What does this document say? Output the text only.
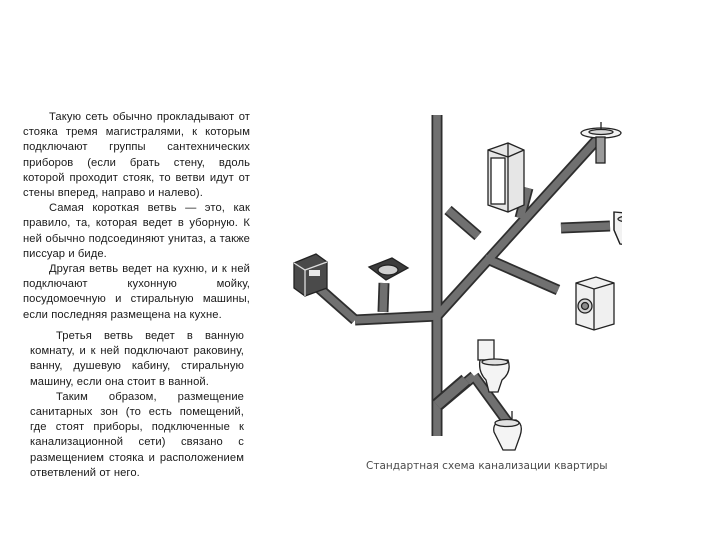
Такую сеть обычно прокладывают от стояка тремя магистралями, к которым подключают группы сантехнических приборов (если брать стену, вдоль которой проходит стояк, то ветви идут от стены вперед, направо и налево).

Самая короткая ветвь — это, как правило, та, которая ведет в уборную. К ней обычно подсоединяют унитаз, а также писсуар и биде.

Другая ветвь ведет на кухню, и к ней подключают кухонную мойку, посудомоечную и стиральную машины, если последняя размещена на кухне.

Третья ветвь ведет в ванную комнату, и к ней подключают раковину, ванну, душевую кабину, стиральную машину, если она стоит в ванной.

Таким образом, размещение санитарных зон (то есть помещений, где стоят приборы, подключенные к канализационной сети) связано с размещением стояка и расположением ответвлений от него.

Стандартная схема канализации квартиры
